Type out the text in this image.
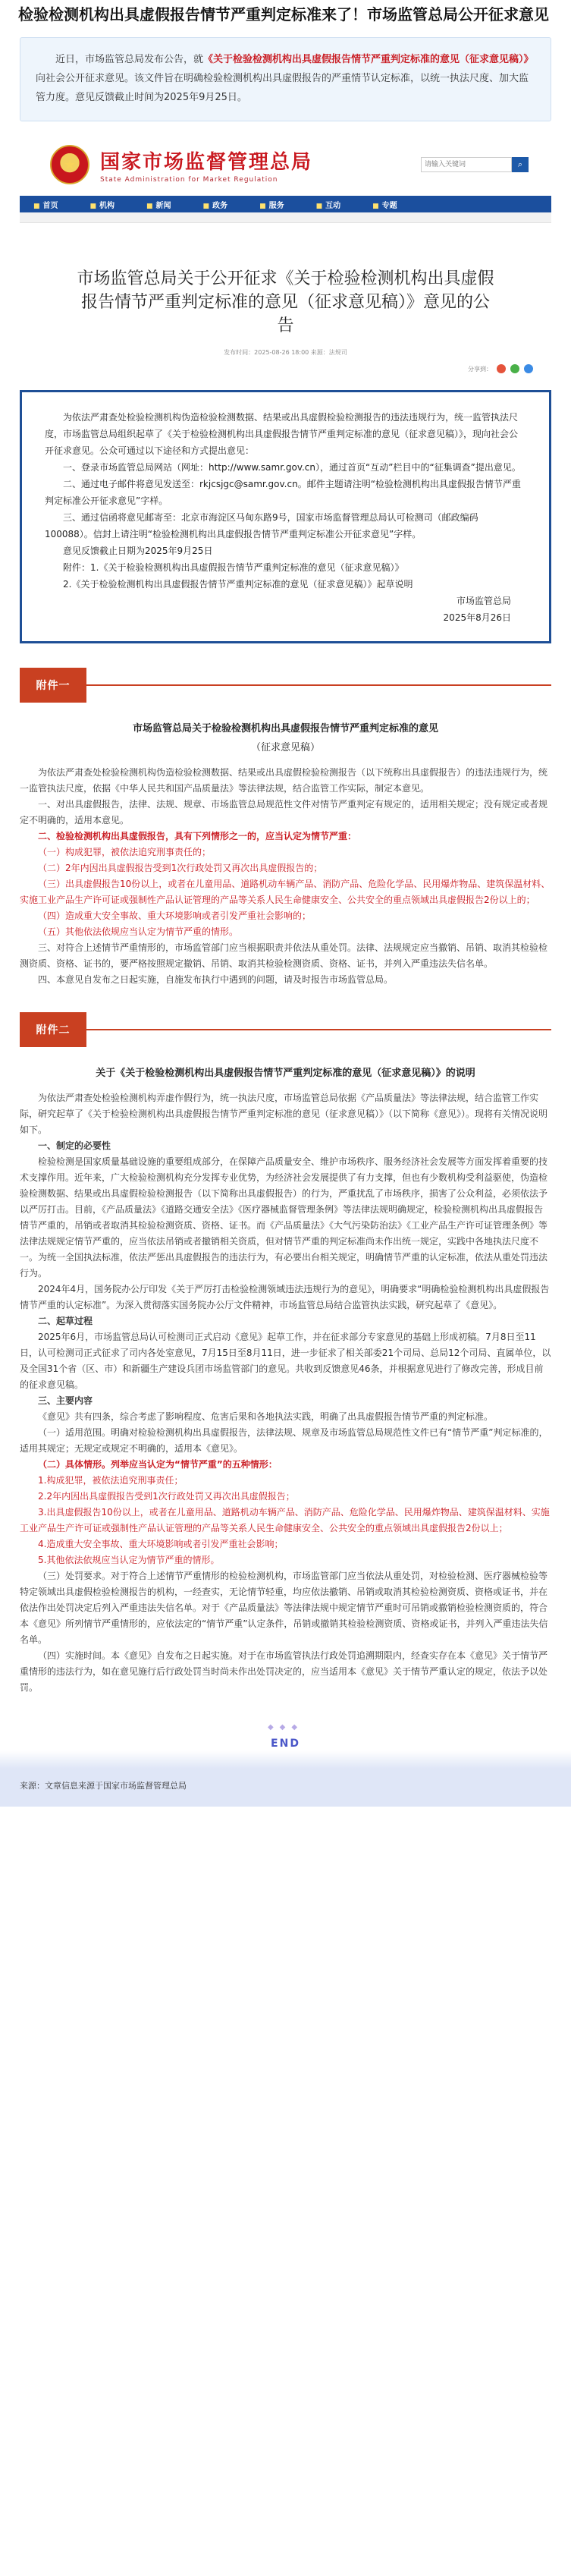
检验检测机构出具虚假报告情节严重判定标准来了！市场监管总局公开征求意见

近日，市场监管总局发布公告，就《关于检验检测机构出具虚假报告情节严重判定标准的意见（征求意见稿）》向社会公开征求意见。该文件旨在明确检验检测机构出具虚假报告的严重情节认定标准，以统一执法尺度、加大监管力度。意见反馈截止时间为2025年9月25日。

★	国家市场监督管理总局
State Administration for Market Regulation
请输入关键词
⌕
■ 首页	■ 机构	■ 新闻	■ 政务	■ 服务	■ 互动	■ 专题
市场监管总局关于公开征求《关于检验检测机构出具虚假报告情节严重判定标准的意见（征求意见稿）》意见的公告
发布时间：2025-08-26 18:00 来源：法规司
分享到：

为依法严肃查处检验检测机构伪造检验检测数据、结果或出具虚假检验检测报告的违法违规行为，统一监管执法尺度，市场监管总局组织起草了《关于检验检测机构出具虚假报告情节严重判定标准的意见（征求意见稿）》，现向社会公开征求意见。公众可通过以下途径和方式提出意见：

一、登录市场监管总局网站（网址：http://www.samr.gov.cn），通过首页“互动”栏目中的“征集调查”提出意见。

二、通过电子邮件将意见发送至：rkjcsjgc@samr.gov.cn。邮件主题请注明“检验检测机构出具虚假报告情节严重判定标准公开征求意见”字样。

三、通过信函将意见邮寄至：北京市海淀区马甸东路9号，国家市场监督管理总局认可检测司（邮政编码100088）。信封上请注明“检验检测机构出具虚假报告情节严重判定标准公开征求意见”字样。

意见反馈截止日期为2025年9月25日

附件：1.《关于检验检测机构出具虚假报告情节严重判定标准的意见（征求意见稿）》

2.《关于检验检测机构出具虚假报告情节严重判定标准的意见（征求意见稿）》起草说明

市场监管总局

2025年8月26日

附件一
市场监管总局关于检验检测机构出具虚假报告情节严重判定标准的意见
（征求意见稿）

为依法严肃查处检验检测机构伪造检验检测数据、结果或出具虚假检验检测报告（以下统称出具虚假报告）的违法违规行为，统一监管执法尺度，依据《中华人民共和国产品质量法》等法律法规，结合监管工作实际，制定本意见。

一、对出具虚假报告，法律、法规、规章、市场监管总局规范性文件对情节严重判定有规定的，适用相关规定；没有规定或者规定不明确的，适用本意见。

二、检验检测机构出具虚假报告，具有下列情形之一的，应当认定为情节严重：

（一）构成犯罪，被依法追究刑事责任的；

（二）2年内因出具虚假报告受到1次行政处罚又再次出具虚假报告的；

（三）出具虚假报告10份以上，或者在儿童用品、道路机动车辆产品、消防产品、危险化学品、民用爆炸物品、建筑保温材料、实施工业产品生产许可证或强制性产品认证管理的产品等关系人民生命健康安全、公共安全的重点领域出具虚假报告2份以上的；

（四）造成重大安全事故、重大环境影响或者引发严重社会影响的；

（五）其他依法依规应当认定为情节严重的情形。

三、对符合上述情节严重情形的，市场监管部门应当根据职责并依法从重处罚。法律、法规规定应当撤销、吊销、取消其检验检测资质、资格、证书的，要严格按照规定撤销、吊销、取消其检验检测资质、资格、证书，并列入严重违法失信名单。

四、本意见自发布之日起实施，自施发布执行中遇到的问题，请及时报告市场监管总局。

附件二
关于《关于检验检测机构出具虚假报告情节严重判定标准的意见（征求意见稿）》的说明

为依法严肃查处检验检测机构弄虚作假行为，统一执法尺度，市场监管总局依据《产品质量法》等法律法规，结合监管工作实际，研究起草了《关于检验检测机构出具虚假报告情节严重判定标准的意见（征求意见稿）》（以下简称《意见》）。现将有关情况说明如下。

一、制定的必要性

检验检测是国家质量基础设施的重要组成部分，在保障产品质量安全、维护市场秩序、服务经济社会发展等方面发挥着重要的技术支撑作用。近年来，广大检验检测机构充分发挥专业优势，为经济社会发展提供了有力支撑，但也有少数机构受利益驱使，伪造检验检测数据、结果或出具虚假检验检测报告（以下简称出具虚假报告）的行为，严重扰乱了市场秩序，损害了公众利益，必须依法予以严厉打击。目前，《产品质量法》《道路交通安全法》《医疗器械监督管理条例》等法律法规明确规定，检验检测机构出具虚假报告情节严重的，吊销或者取消其检验检测资质、资格、证书。而《产品质量法》《大气污染防治法》《工业产品生产许可证管理条例》等法律法规规定情节严重的，应当依法吊销或者撤销相关资质，但对情节严重的判定标准尚未作出统一规定，实践中各地执法尺度不一。为统一全国执法标准，依法严惩出具虚假报告的违法行为，有必要出台相关规定，明确情节严重的认定标准，依法从重处罚违法行为。

2024年4月，国务院办公厅印发《关于严厉打击检验检测领域违法违规行为的意见》，明确要求“明确检验检测机构出具虚假报告情节严重的认定标准”。为深入贯彻落实国务院办公厅文件精神，市场监管总局结合监管执法实践，研究起草了《意见》。

二、起草过程

2025年6月，市场监管总局认可检测司正式启动《意见》起草工作，并在征求部分专家意见的基础上形成初稿。7月8日至11日，认可检测司正式征求了司内各处室意见，7月15日至8月11日，进一步征求了相关部委21个司局、总局12个司局、直属单位，以及全国31个省（区、市）和新疆生产建设兵团市场监管部门的意见。共收到反馈意见46条，并根据意见进行了修改完善，形成目前的征求意见稿。

三、主要内容

《意见》共有四条，综合考虑了影响程度、危害后果和各地执法实践，明确了出具虚假报告情节严重的判定标准。

（一）适用范围。明确对检验检测机构出具虚假报告，法律法规、规章及市场监管总局规范性文件已有“情节严重”判定标准的，适用其规定；无规定或规定不明确的，适用本《意见》。

（二）具体情形。列举应当认定为“情节严重”的五种情形：

1.构成犯罪，被依法追究刑事责任；

2.2年内因出具虚假报告受到1次行政处罚又再次出具虚假报告；

3.出具虚假报告10份以上，或者在儿童用品、道路机动车辆产品、消防产品、危险化学品、民用爆炸物品、建筑保温材料、实施工业产品生产许可证或强制性产品认证管理的产品等关系人民生命健康安全、公共安全的重点领域出具虚假报告2份以上；

4.造成重大安全事故、重大环境影响或者引发严重社会影响；

5.其他依法依规应当认定为情节严重的情形。

（三）处罚要求。对于符合上述情节严重情形的检验检测机构，市场监管部门应当依法从重处罚，对检验检测、医疗器械检验等特定领域出具虚假检验检测报告的机构，一经查实，无论情节轻重，均应依法撤销、吊销或取消其检验检测资质、资格或证书，并在依法作出处罚决定后列入严重违法失信名单。对于《产品质量法》等法律法规中规定情节严重时可吊销或撤销检验检测资质的，符合本《意见》所列情节严重情形的，应依法定的“情节严重”认定条件，吊销或撤销其检验检测资质、资格或证书，并列入严重违法失信名单。

（四）实施时间。本《意见》自发布之日起实施。对于在市场监管执法行政处罚追溯期限内，经查实存在本《意见》关于情节严重情形的违法行为，如在意见施行后行政处罚当时尚未作出处罚决定的，应当适用本《意见》关于情节严重认定的规定，依法予以处罚。

◆◆◆
END
来源：文章信息来源于国家市场监督管理总局
